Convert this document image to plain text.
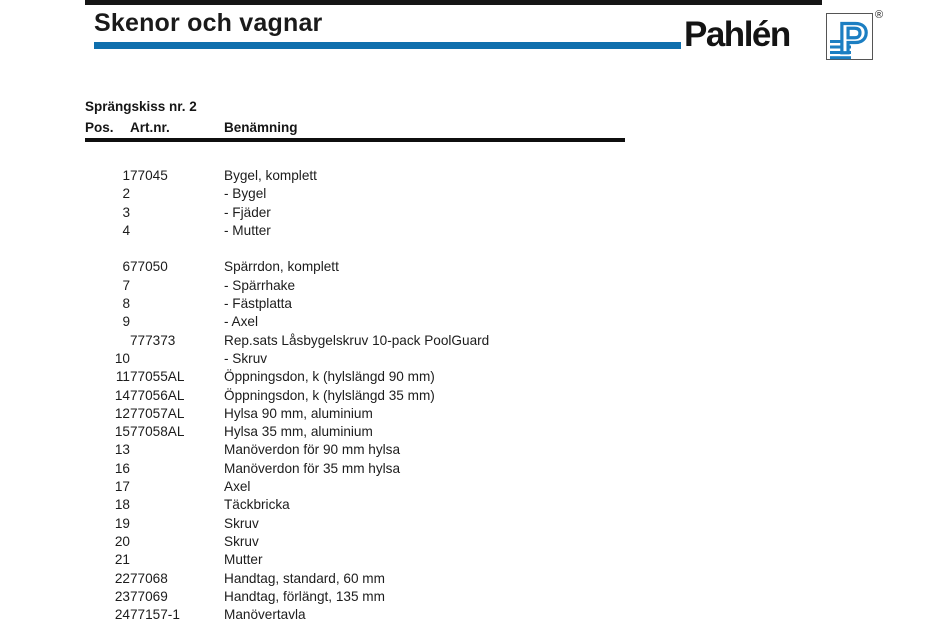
Skenor och vagnar	Pahlén P ®
Sprängskiss nr. 2
Pos.	Art.nr.	Benämning
1	77045	Bygel, komplett
2		- Bygel
3		- Fjäder
4		- Mutter

6	77050	Spärrdon, komplett
7		- Spärrhake
8		- Fästplatta
9		- Axel
	777373	Rep.sats Låsbygelskruv 10-pack PoolGuard
10		- Skruv
11	77055AL	Öppningsdon, k (hylslängd 90 mm)
14	77056AL	Öppningsdon, k (hylslängd 35 mm)
12	77057AL	Hylsa 90 mm, aluminium
15	77058AL	Hylsa 35 mm, aluminium
13		Manöverdon för 90 mm hylsa
16		Manöverdon för 35 mm hylsa
17		Axel
18		Täckbricka
19		Skruv
20		Skruv
21		Mutter
22	77068	Handtag, standard, 60 mm
23	77069	Handtag, förlängt, 135 mm
24	77157-1	Manövertavla
